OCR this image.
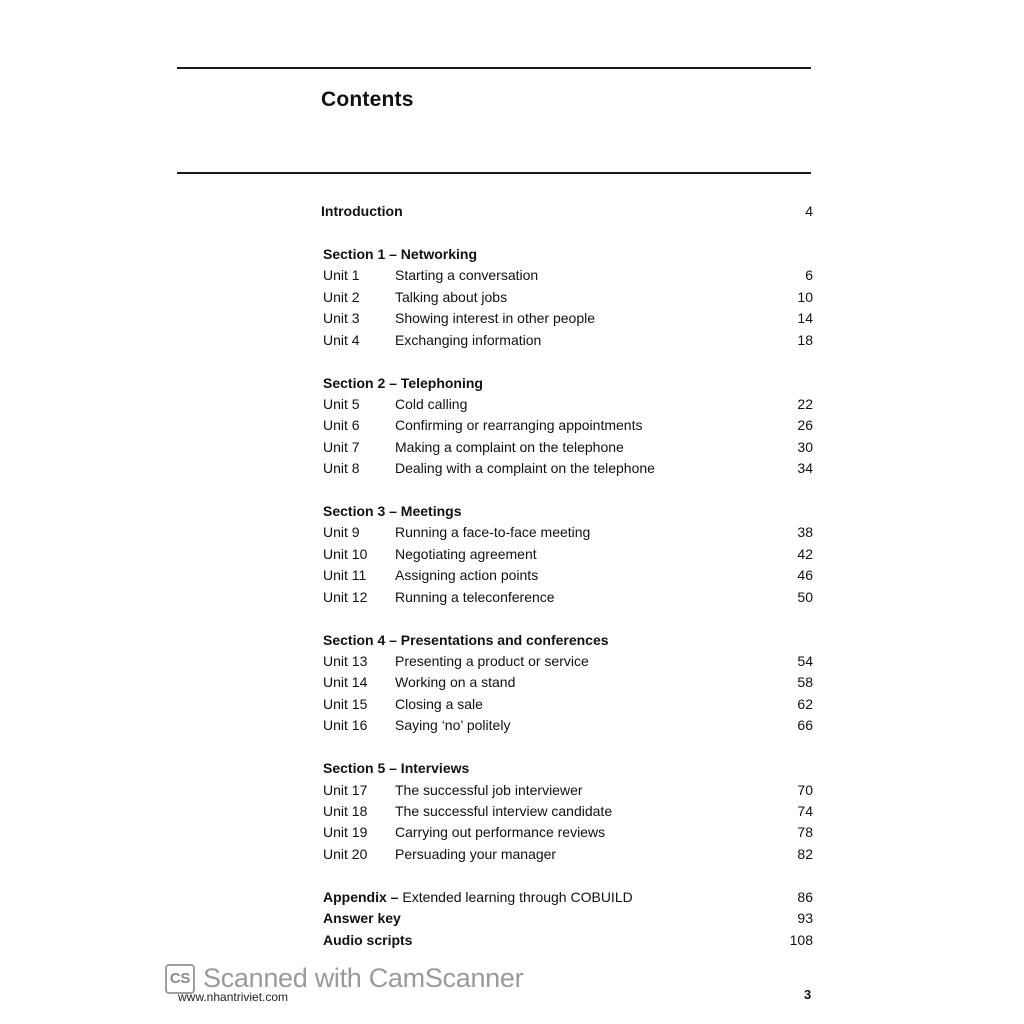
Contents
Introduction	4
Section 1 – Networking
Unit 1	Starting a conversation	6
Unit 2	Talking about jobs	10
Unit 3	Showing interest in other people	14
Unit 4	Exchanging information	18
Section 2 – Telephoning
Unit 5	Cold calling	22
Unit 6	Confirming or rearranging appointments	26
Unit 7	Making a complaint on the telephone	30
Unit 8	Dealing with a complaint on the telephone	34
Section 3 – Meetings
Unit 9	Running a face-to-face meeting	38
Unit 10 Negotiating agreement	42
Unit 11 Assigning action points	46
Unit 12 Running a teleconference	50
Section 4 – Presentations and conferences
Unit 13 Presenting a product or service	54
Unit 14 Working on a stand	58
Unit 15 Closing a sale	62
Unit 16 Saying ‘no’ politely	66
Section 5 – Interviews
Unit 17 The successful job interviewer	70
Unit 18 The successful interview candidate	74
Unit 19 Carrying out performance reviews	78
Unit 20 Persuading your manager	82
Appendix – Extended learning through COBUILD	86
Answer key	93
Audio scripts	108
CS Scanned with CamScanner
www.nhantriviet.com	3
